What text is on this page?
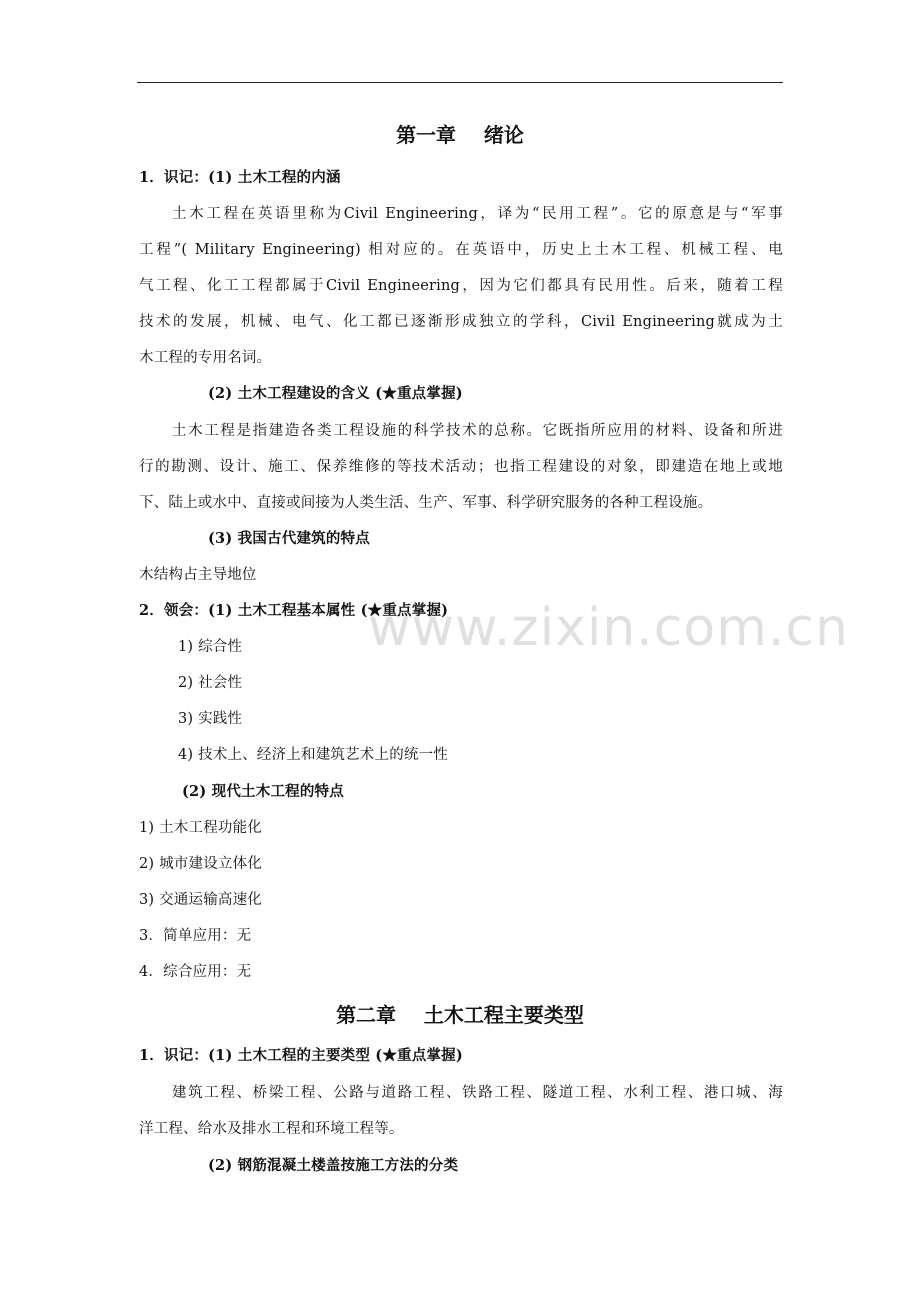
第一章    绪论
1．识记：(1) 土木工程的内涵
土木工程在英语里称为Civil Engineering，译为“民用工程”。它的原意是与“军事
工程”( Military Engineering) 相对应的。在英语中，历史上土木工程、机械工程、电
气工程、化工工程都属于Civil Engineering，因为它们都具有民用性。后来，随着工程
技术的发展，机械、电气、化工都已逐渐形成独立的学科，Civil Engineering就成为土
木工程的专用名词。
(2) 土木工程建设的含义 (★重点掌握)
土木工程是指建造各类工程设施的科学技术的总称。它既指所应用的材料、设备和所进
行的勘测、设计、施工、保养维修的等技术活动；也指工程建设的对象，即建造在地上或地
下、陆上或水中、直接或间接为人类生活、生产、军事、科学研究服务的各种工程设施。
(3) 我国古代建筑的特点
木结构占主导地位
2．领会：(1) 土木工程基本属性 (★重点掌握)
1) 综合性
2) 社会性
3) 实践性
4) 技术上、经济上和建筑艺术上的统一性
(2) 现代土木工程的特点
1) 土木工程功能化
2) 城市建设立体化
3) 交通运输高速化
3．简单应用：无
4．综合应用：无
第二章    土木工程主要类型
1．识记：(1) 土木工程的主要类型 (★重点掌握)
建筑工程、桥梁工程、公路与道路工程、铁路工程、隧道工程、水利工程、港口城、海
洋工程、给水及排水工程和环境工程等。
(2) 钢筋混凝土楼盖按施工方法的分类
www.zixin.com.cn
